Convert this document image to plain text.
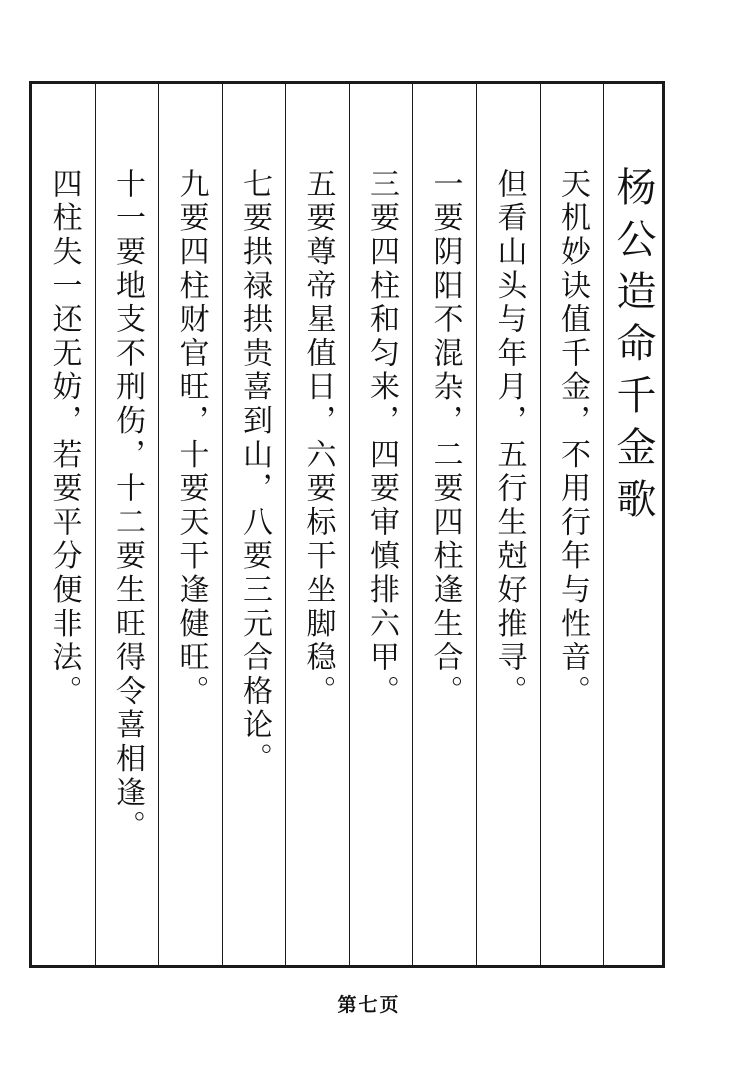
四柱失一还无妨，若要平分便非法。 十一要地支不刑伤，十二要生旺得令喜相逢。 九要四柱财官旺，十要天干逢健旺。 七要拱禄拱贵喜到山，八要三元合格论。 五要尊帝星值日，六要标干坐脚稳。 三要四柱和匀来，四要审慎排六甲。 一要阴阳不混杂，二要四柱逢生合。 但看山头与年月，五行生尅好推寻。 天机妙诀值千金，不用行年与性音。 杨公造命千金歌
第七页
